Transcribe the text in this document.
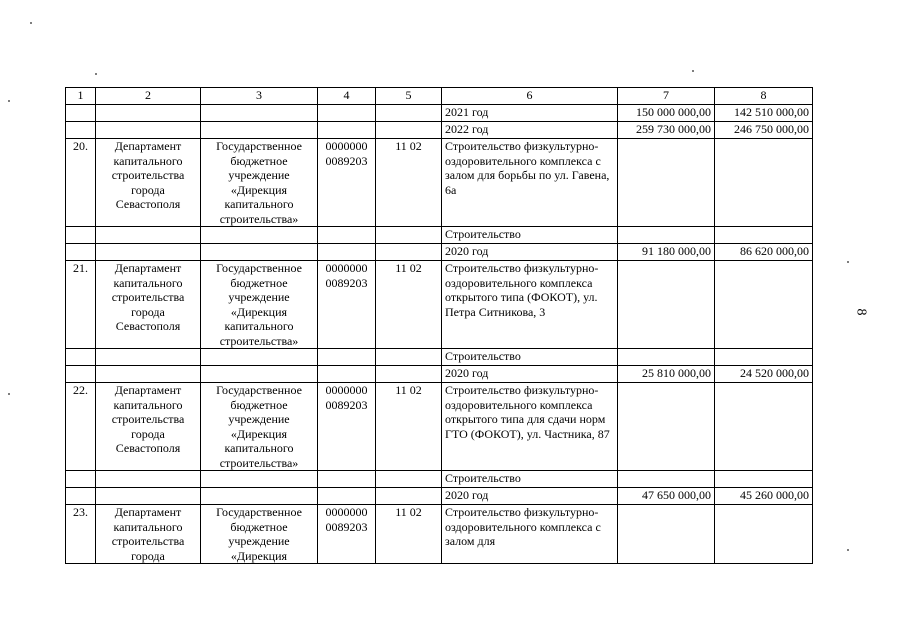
1	2	3	4	5	6	7	8
					2021 год	150 000 000,00	142 510 000,00
					2022 год	259 730 000,00	246 750 000,00
20.	Департамент капитального строительства города Севастополя	Государственное бюджетное учреждение «Дирекция капитального строительства»	0000000 0089203	11 02	Строительство физкультурно-оздоровительного комплекса с залом для борьбы по ул. Гавена, 6а		
					Строительство		
					2020 год	91 180 000,00	86 620 000,00
21.	Департамент капитального строительства города Севастополя	Государственное бюджетное учреждение «Дирекция капитального строительства»	0000000 0089203	11 02	Строительство физкультурно-оздоровительного комплекса открытого типа (ФОКОТ), ул. Петра Ситникова, 3		
					Строительство		
					2020 год	25 810 000,00	24 520 000,00
22.	Департамент капитального строительства города Севастополя	Государственное бюджетное учреждение «Дирекция капитального строительства»	0000000 0089203	11 02	Строительство физкультурно-оздоровительного комплекса открытого типа для сдачи норм ГТО (ФОКОТ), ул. Частника, 87		
					Строительство		
					2020 год	47 650 000,00	45 260 000,00
23.	Департамент капитального строительства города	Государственное бюджетное учреждение «Дирекция	0000000 0089203	11 02	Строительство физкультурно-оздоровительного комплекса с залом для		
8
